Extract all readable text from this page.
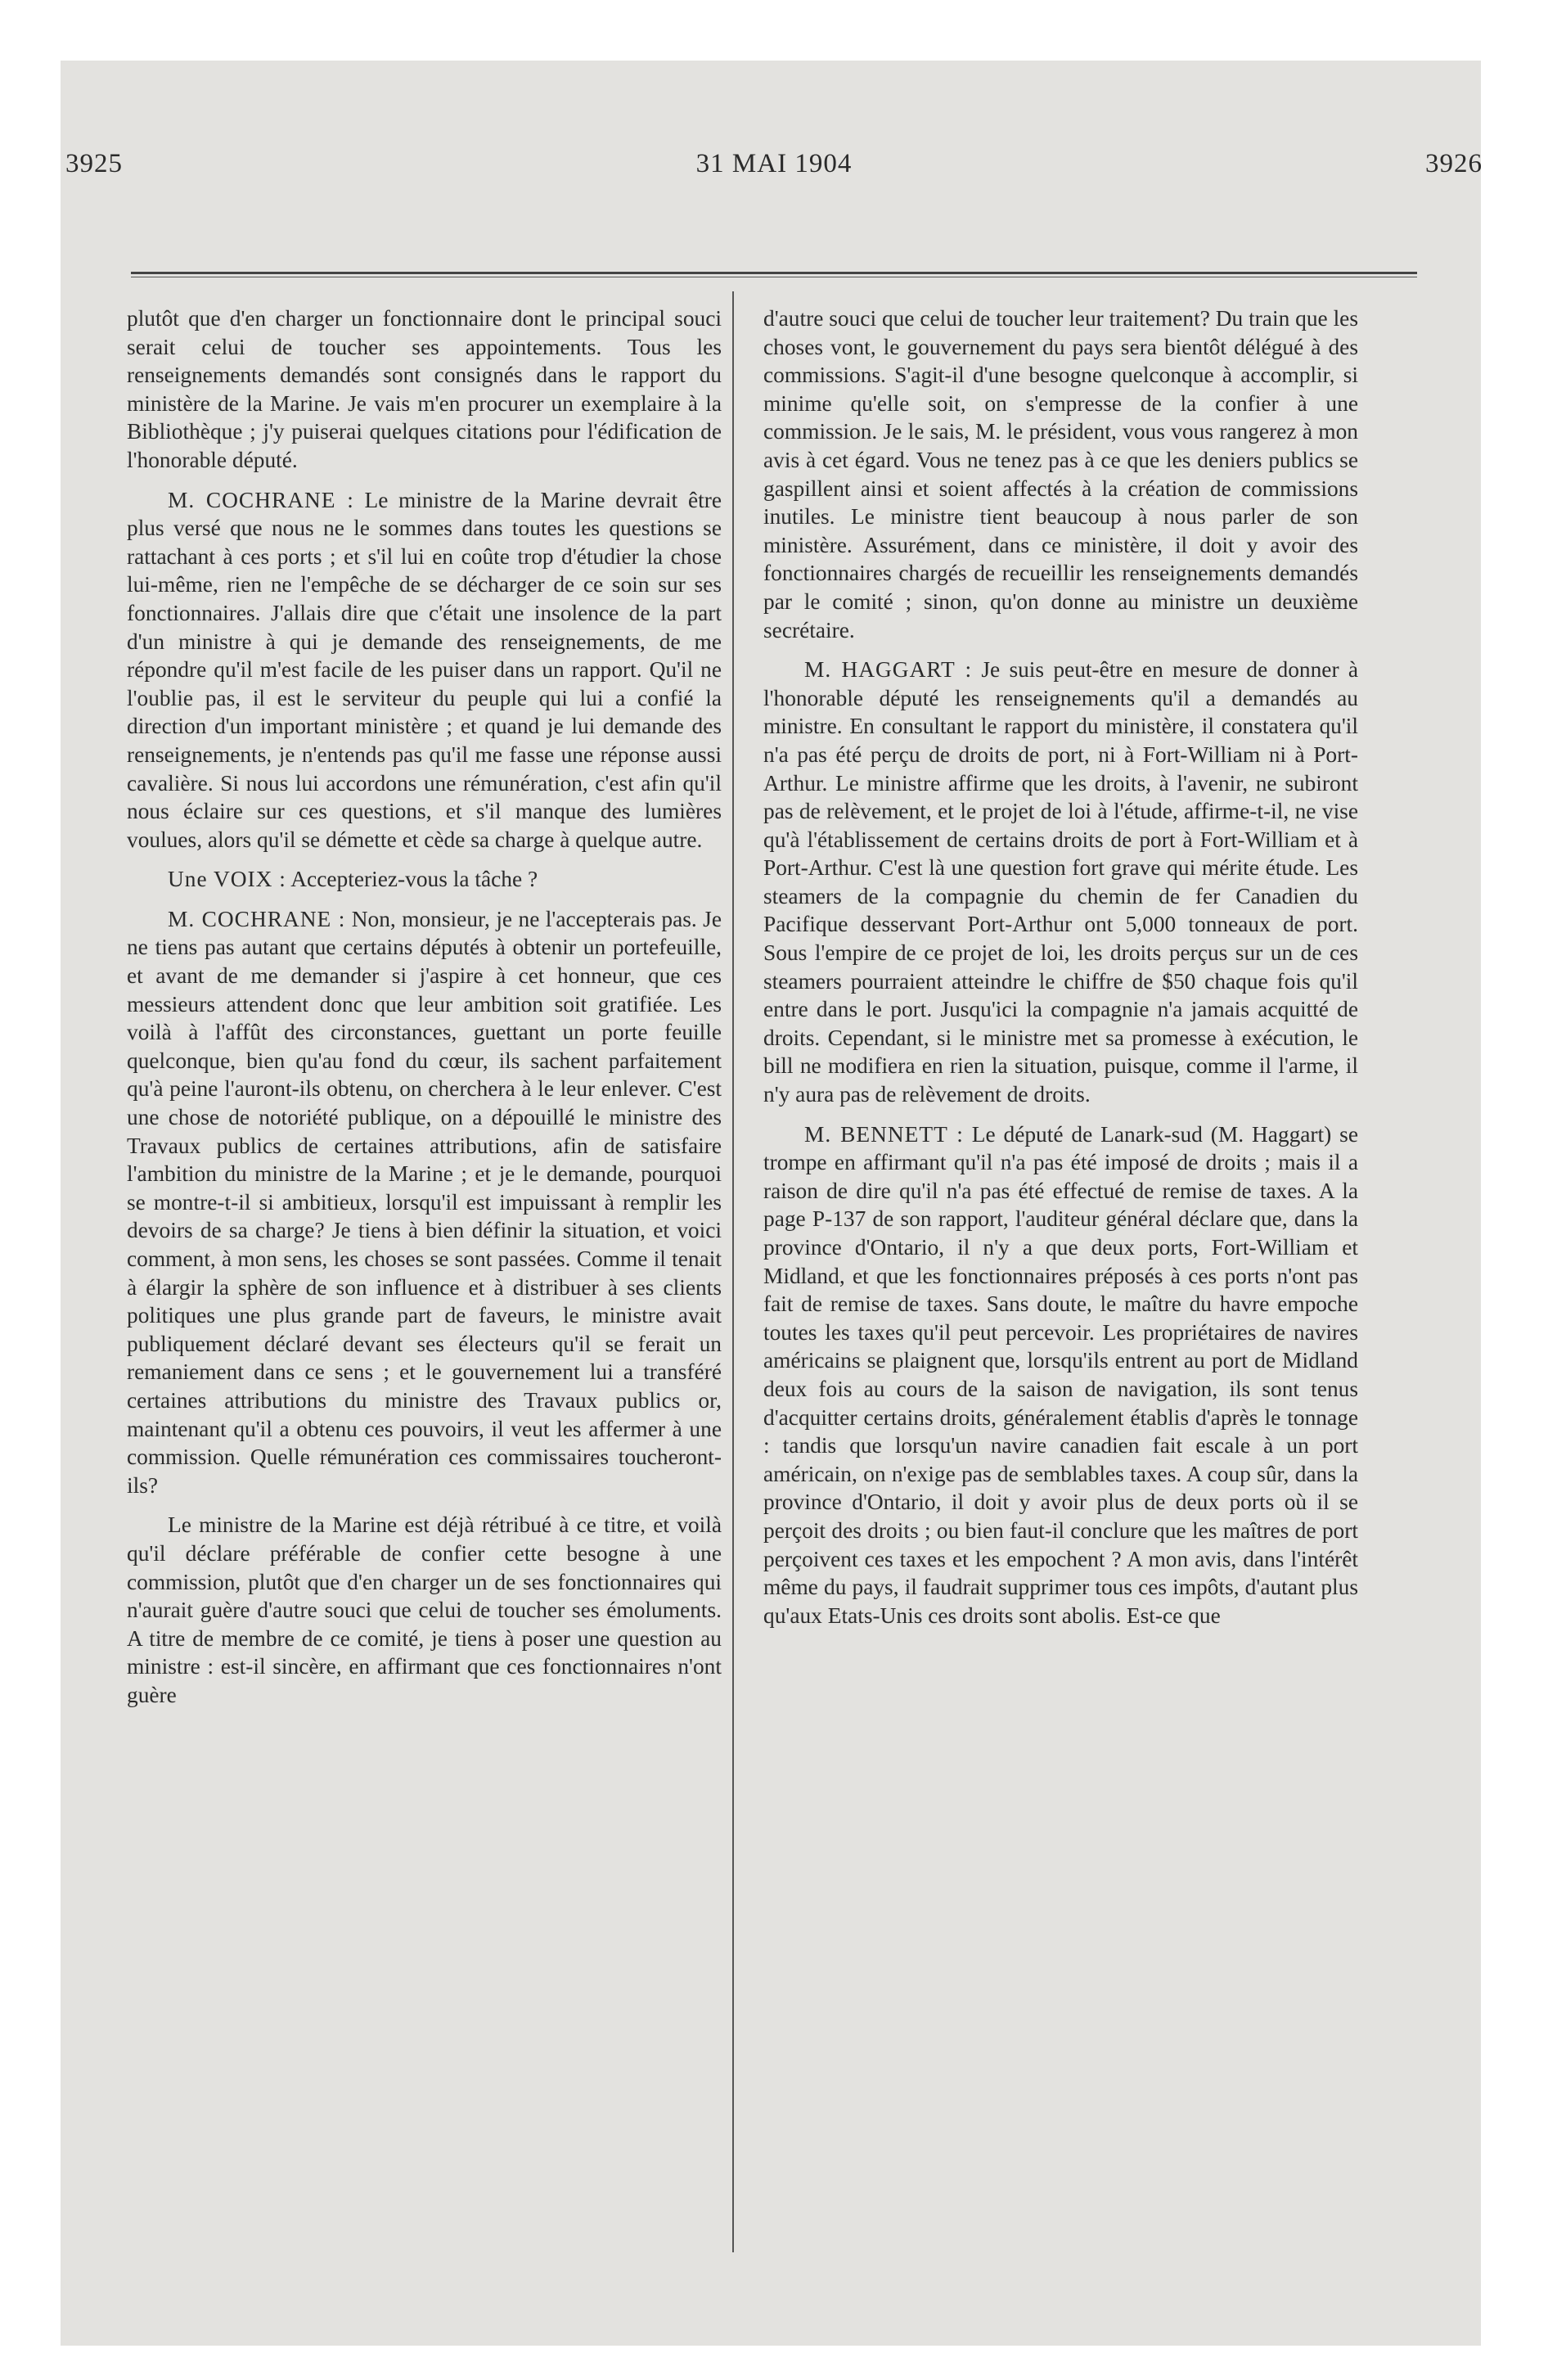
3925	31 MAI 1904	3926

plutôt que d'en charger un fonctionnaire dont le principal souci serait celui de toucher ses appointements. Tous les renseignements demandés sont consignés dans le rapport du ministère de la Marine. Je vais m'en procurer un exemplaire à la Bibliothèque ; j'y puiserai quelques citations pour l'édification de l'honorable député.

M. COCHRANE : Le ministre de la Marine devrait être plus versé que nous ne le sommes dans toutes les questions se rattachant à ces ports ; et s'il lui en coûte trop d'étudier la chose lui-même, rien ne l'empêche de se décharger de ce soin sur ses fonctionnaires. J'allais dire que c'était une insolence de la part d'un ministre à qui je demande des renseignements, de me répondre qu'il m'est facile de les puiser dans un rapport. Qu'il ne l'oublie pas, il est le serviteur du peuple qui lui a confié la direction d'un important ministère ; et quand je lui demande des renseignements, je n'entends pas qu'il me fasse une réponse aussi cavalière. Si nous lui accordons une rémunération, c'est afin qu'il nous éclaire sur ces questions, et s'il manque des lumières voulues, alors qu'il se démette et cède sa charge à quelque autre.

Une VOIX : Accepteriez-vous la tâche ?

M. COCHRANE : Non, monsieur, je ne l'accepterais pas. Je ne tiens pas autant que certains députés à obtenir un portefeuille, et avant de me demander si j'aspire à cet honneur, que ces messieurs attendent donc que leur ambition soit gratifiée. Les voilà à l'affût des circonstances, guettant un porte feuille quelconque, bien qu'au fond du cœur, ils sachent parfaitement qu'à peine l'auront-ils obtenu, on cherchera à le leur enlever. C'est une chose de notoriété publique, on a dépouillé le ministre des Travaux publics de certaines attributions, afin de satisfaire l'ambition du ministre de la Marine ; et je le demande, pourquoi se montre-t-il si ambitieux, lorsqu'il est impuissant à remplir les devoirs de sa charge? Je tiens à bien définir la situation, et voici comment, à mon sens, les choses se sont passées. Comme il tenait à élargir la sphère de son influence et à distribuer à ses clients politiques une plus grande part de faveurs, le ministre avait publiquement déclaré devant ses électeurs qu'il se ferait un remaniement dans ce sens ; et le gouvernement lui a transféré certaines attributions du ministre des Travaux publics or, maintenant qu'il a obtenu ces pouvoirs, il veut les affermer à une commission. Quelle rémunération ces commissaires toucheront-ils?

Le ministre de la Marine est déjà rétribué à ce titre, et voilà qu'il déclare préférable de confier cette besogne à une commission, plutôt que d'en charger un de ses fonctionnaires qui n'aurait guère d'autre souci que celui de toucher ses émoluments. A titre de membre de ce comité, je tiens à poser une question au ministre : est-il sincère, en affirmant que ces fonctionnaires n'ont guère

d'autre souci que celui de toucher leur traitement? Du train que les choses vont, le gouvernement du pays sera bientôt délégué à des commissions. S'agit-il d'une besogne quelconque à accomplir, si minime qu'elle soit, on s'empresse de la confier à une commission. Je le sais, M. le président, vous vous rangerez à mon avis à cet égard. Vous ne tenez pas à ce que les deniers publics se gaspillent ainsi et soient affectés à la création de commissions inutiles. Le ministre tient beaucoup à nous parler de son ministère. Assurément, dans ce ministère, il doit y avoir des fonctionnaires chargés de recueillir les renseignements demandés par le comité ; sinon, qu'on donne au ministre un deuxième secrétaire.

M. HAGGART : Je suis peut-être en mesure de donner à l'honorable député les renseignements qu'il a demandés au ministre. En consultant le rapport du ministère, il constatera qu'il n'a pas été perçu de droits de port, ni à Fort-William ni à Port-Arthur. Le ministre affirme que les droits, à l'avenir, ne subiront pas de relèvement, et le projet de loi à l'étude, affirme-t-il, ne vise qu'à l'établissement de certains droits de port à Fort-William et à Port-Arthur. C'est là une question fort grave qui mérite étude. Les steamers de la compagnie du chemin de fer Canadien du Pacifique desservant Port-Arthur ont 5,000 tonneaux de port. Sous l'empire de ce projet de loi, les droits perçus sur un de ces steamers pourraient atteindre le chiffre de $50 chaque fois qu'il entre dans le port. Jusqu'ici la compagnie n'a jamais acquitté de droits. Cependant, si le ministre met sa promesse à exécution, le bill ne modifiera en rien la situation, puisque, comme il l'arme, il n'y aura pas de relèvement de droits.

M. BENNETT : Le député de Lanark-sud (M. Haggart) se trompe en affirmant qu'il n'a pas été imposé de droits ; mais il a raison de dire qu'il n'a pas été effectué de remise de taxes. A la page P-137 de son rapport, l'auditeur général déclare que, dans la province d'Ontario, il n'y a que deux ports, Fort-William et Midland, et que les fonctionnaires préposés à ces ports n'ont pas fait de remise de taxes. Sans doute, le maître du havre empoche toutes les taxes qu'il peut percevoir. Les propriétaires de navires américains se plaignent que, lorsqu'ils entrent au port de Midland deux fois au cours de la saison de navigation, ils sont tenus d'acquitter certains droits, généralement établis d'après le tonnage : tandis que lorsqu'un navire canadien fait escale à un port américain, on n'exige pas de semblables taxes. A coup sûr, dans la province d'Ontario, il doit y avoir plus de deux ports où il se perçoit des droits ; ou bien faut-il conclure que les maîtres de port perçoivent ces taxes et les empochent ? A mon avis, dans l'intérêt même du pays, il faudrait supprimer tous ces impôts, d'autant plus qu'aux Etats-Unis ces droits sont abolis. Est-ce que
